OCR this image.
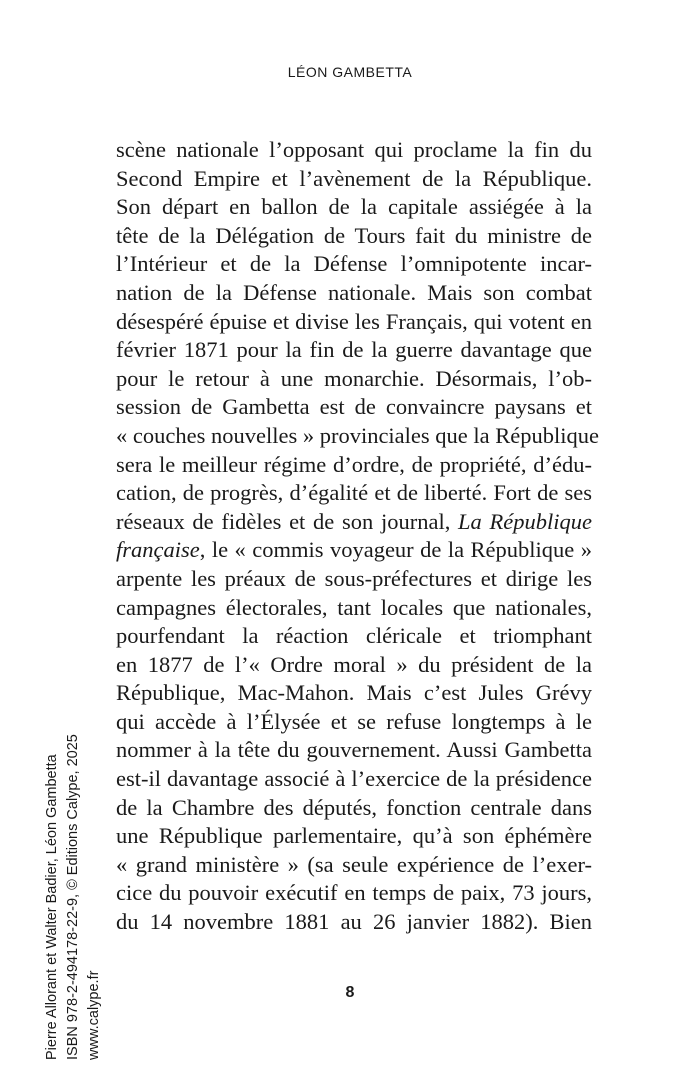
LÉON GAMBETTA
scène nationale l’opposant qui proclame la fin du
Second Empire et l’avènement de la République.
Son départ en ballon de la capitale assiégée à la
tête de la Délégation de Tours fait du ministre de
l’Intérieur et de la Défense l’omnipotente incar-
nation de la Défense nationale. Mais son combat
désespéré épuise et divise les Français, qui votent en
février 1871 pour la fin de la guerre davantage que
pour le retour à une monarchie. Désormais, l’ob-
session de Gambetta est de convaincre paysans et
« couches nouvelles » provinciales que la République
sera le meilleur régime d’ordre, de propriété, d’édu-
cation, de progrès, d’égalité et de liberté. Fort de ses
réseaux de fidèles et de son journal, La République
française, le « commis voyageur de la République »
arpente les préaux de sous-préfectures et dirige les
campagnes électorales, tant locales que nationales,
pourfendant la réaction cléricale et triomphant
en 1877 de l’« Ordre moral » du président de la
République, Mac-Mahon. Mais c’est Jules Grévy
qui accède à l’Élysée et se refuse longtemps à le
nommer à la tête du gouvernement. Aussi Gambetta
est-il davantage associé à l’exercice de la présidence
de la Chambre des députés, fonction centrale dans
une République parlementaire, qu’à son éphémère
« grand ministère » (sa seule expérience de l’exer-
cice du pouvoir exécutif en temps de paix, 73 jours,
du 14 novembre 1881 au 26 janvier 1882). Bien
8
Pierre Allorant et Walter Badier, Léon Gambetta ISBN 978-2-494178-22-9, © Editions Calype, 2025 www.calype.fr
